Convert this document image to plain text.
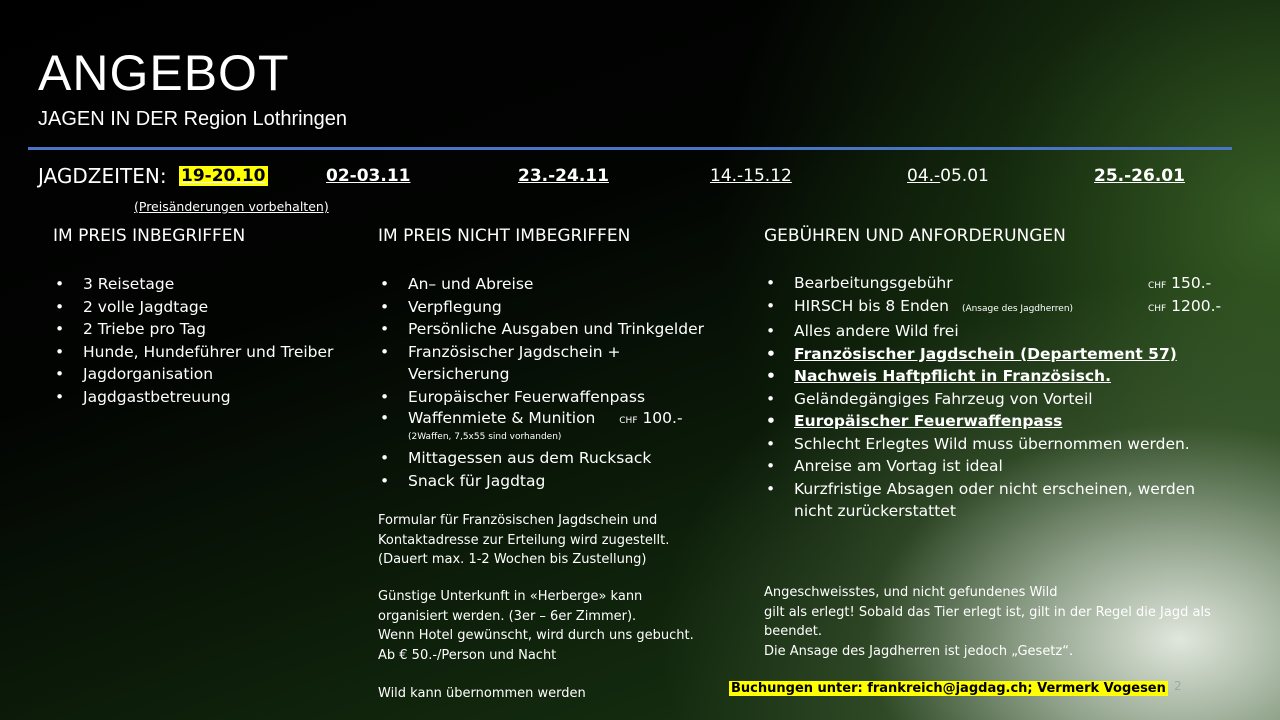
ANGEBOT
JAGEN IN DER Region Lothringen
JAGDZEITEN: 19-20.10	02-03.11	23.-24.11	14.-15.12	04.-05.01	25.-26.01
(Preisänderungen vorbehalten)
IM PREIS INBEGRIFFEN
• 3 Reisetage
• 2 volle Jagdtage
• 2 Triebe pro Tag
• Hunde, Hundeführer und Treiber
• Jagdorganisation
• Jagdgastbetreuung
IM PREIS NICHT IMBEGRIFFEN
• An– und Abreise
• Verpflegung
• Persönliche Ausgaben und Trinkgelder
• Französischer Jagdschein + Versicherung
• Europäischer Feuerwaffenpass
• Waffenmiete & Munition	CHF 100.-

(2Waffen, 7,5x55 sind vorhanden)
• Mittagessen aus dem Rucksack
• Snack für Jagdtag
Formular für Französischen Jagdschein und
Kontaktadresse zur Erteilung wird zugestellt.
(Dauert max. 1-2 Wochen bis Zustellung)
Günstige Unterkunft in «Herberge» kann
organisiert werden. (3er – 6er Zimmer).
Wenn Hotel gewünscht, wird durch uns gebucht.
Ab € 50.-/Person und Nacht
Wild kann übernommen werden
GEBÜHREN UND ANFORDERUNGEN
• Bearbeitungsgebühr	CHF 150.-
• HIRSCH bis 8 Enden (Ansage des Jagdherren)	CHF 1200.-
• Alles andere Wild frei
• Französischer Jagdschein (Departement 57)
• Nachweis Haftpflicht in Französisch.
• Geländegängiges Fahrzeug von Vorteil
• Europäischer Feuerwaffenpass
• Schlecht Erlegtes Wild muss übernommen werden.
• Anreise am Vortag ist ideal
• Kurzfristige Absagen oder nicht erscheinen, werden nicht zurückerstattet
Angeschweisstes, und nicht gefundenes Wild
gilt als erlegt! Sobald das Tier erlegt ist, gilt in der Regel die Jagd als
beendet.
Die Ansage des Jagdherren ist jedoch „Gesetz“.
Buchungen unter: frankreich@jagdag.ch; Vermerk Vogesen 2
